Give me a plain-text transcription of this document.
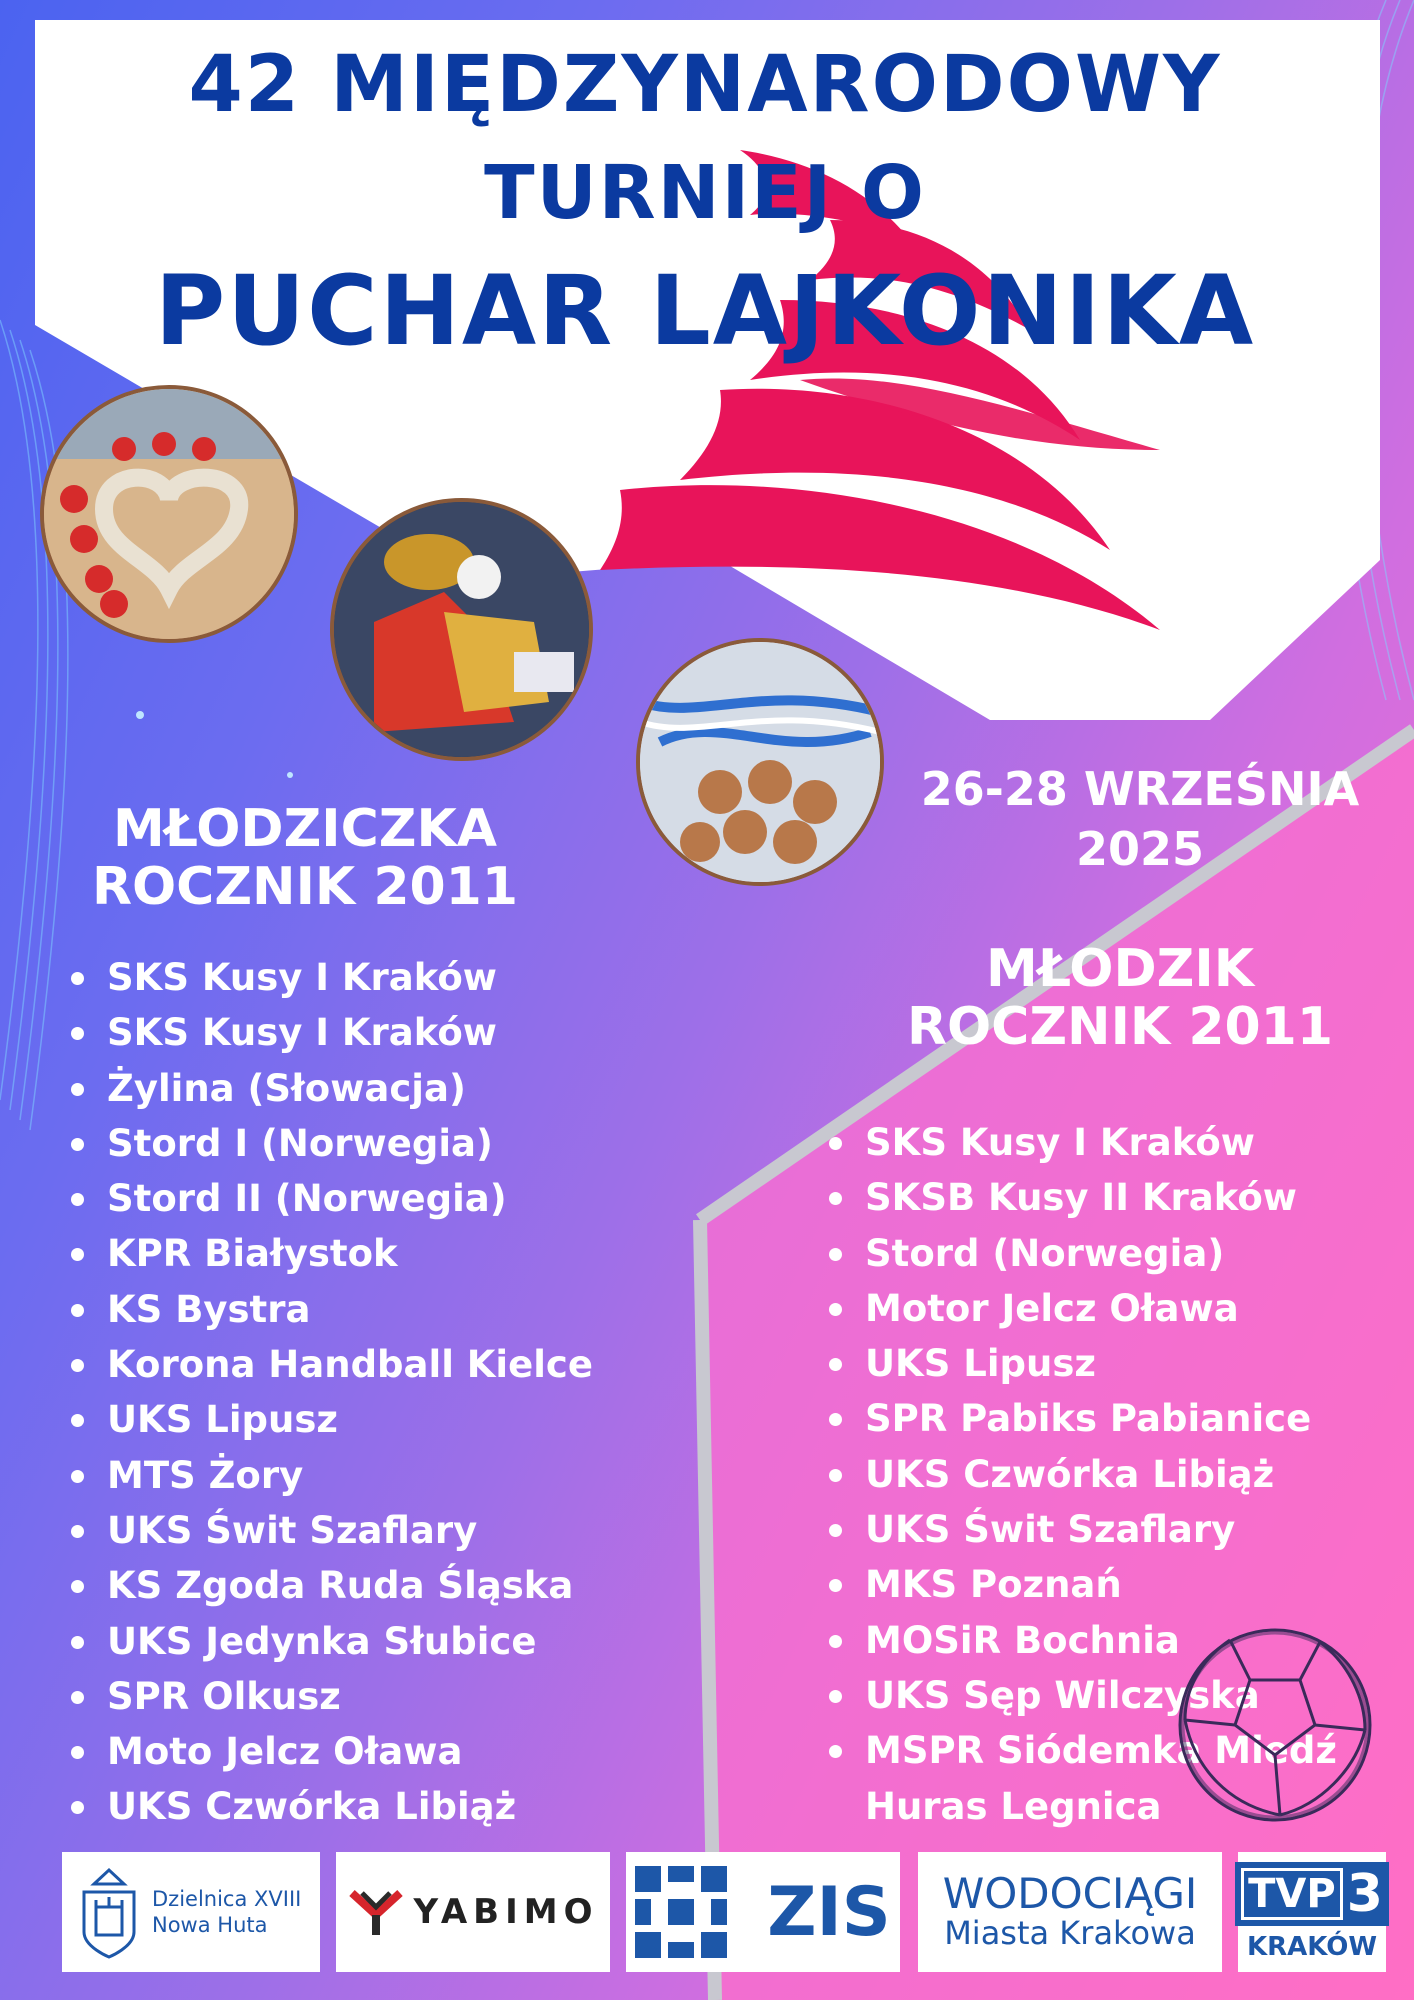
42 MIĘDZYNARODOWY
TURNIEJ O
PUCHAR LAJKONIKA
26-28 WRZEŚNIA
2025
MŁODZICZKA
ROCZNIK 2011
SKS Kusy I Kraków
SKS Kusy I Kraków
Żylina (Słowacja)
Stord I (Norwegia)
Stord II (Norwegia)
KPR Białystok
KS Bystra
Korona Handball Kielce
UKS Lipusz
MTS Żory
UKS Świt Szaflary
KS Zgoda Ruda Śląska
UKS Jedynka Słubice
SPR Olkusz
Moto Jelcz Oława
UKS Czwórka Libiąż
MŁODZIK
ROCZNIK 2011
SKS Kusy I Kraków
SKSB Kusy II Kraków
Stord (Norwegia)
Motor Jelcz Oława
UKS Lipusz
SPR Pabiks Pabianice
UKS Czwórka Libiąż
UKS Świt Szaflary
MKS Poznań
MOSiR Bochnia
UKS Sęp Wilczyska
MSPR Siódemka Miedź
Huras Legnica
Dzielnica XVIII
Nowa Huta	YABIMO ZIS WODOCIĄGI
Miasta Krakowa
TVP 3
KRAKÓW
